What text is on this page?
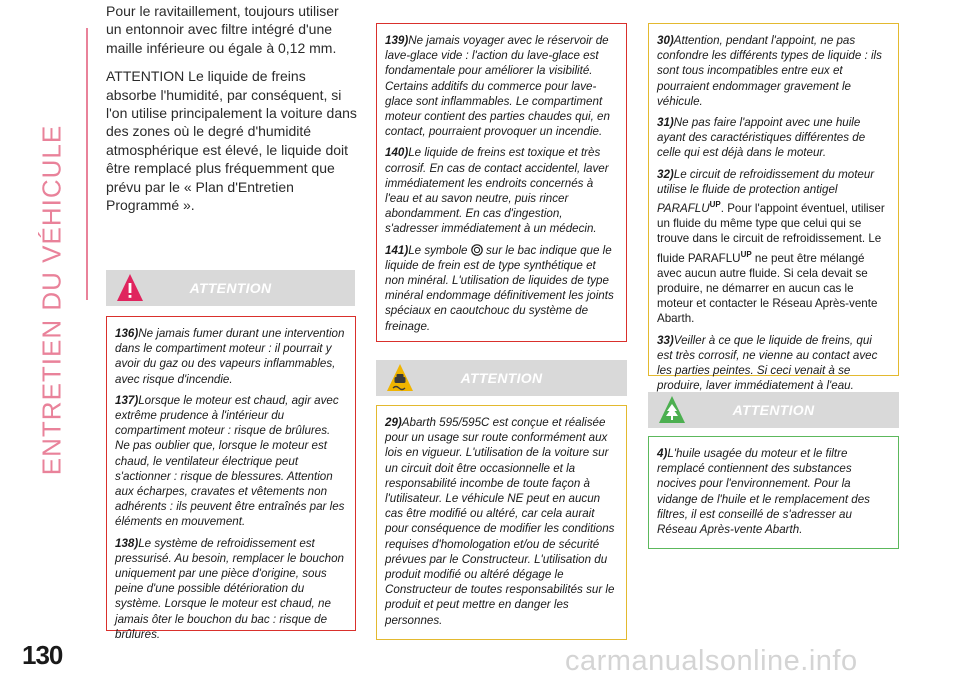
ENTRETIEN DU VÉHICULE
130	carmanualsonline.info

Pour le ravitaillement, toujours utiliser un entonnoir avec filtre intégré d'une maille inférieure ou égale à 0,12 mm.

ATTENTION Le liquide de freins absorbe l'humidité, par conséquent, si l'on utilise principalement la voiture dans des zones où le degré d'humidité atmosphérique est élevé, le liquide doit être remplacé plus fréquemment que prévu par le « Plan d'Entretien Programmé ».

ATTENTION

136)Ne jamais fumer durant une intervention dans le compartiment moteur : il pourrait y avoir du gaz ou des vapeurs inflammables, avec risque d'incendie.

137)Lorsque le moteur est chaud, agir avec extrême prudence à l'intérieur du compartiment moteur : risque de brûlures. Ne pas oublier que, lorsque le moteur est chaud, le ventilateur électrique peut s'actionner : risque de blessures. Attention aux écharpes, cravates et vêtements non adhérents : ils peuvent être entraînés par les éléments en mouvement.

138)Le système de refroidissement est pressurisé. Au besoin, remplacer le bouchon uniquement par une pièce d'origine, sous peine d'une possible détérioration du système. Lorsque le moteur est chaud, ne jamais ôter le bouchon du bac : risque de brûlures.

139)Ne jamais voyager avec le réservoir de lave-glace vide : l'action du lave-glace est fondamentale pour améliorer la visibilité. Certains additifs du commerce pour lave-glace sont inflammables. Le compartiment moteur contient des parties chaudes qui, en contact, pourraient provoquer un incendie.

140)Le liquide de freins est toxique et très corrosif. En cas de contact accidentel, laver immédiatement les endroits concernés à l'eau et au savon neutre, puis rincer abondamment. En cas d'ingestion, s'adresser immédiatement à un médecin.

141)Le symbole sur le bac indique que le liquide de frein est de type synthétique et non minéral. L'utilisation de liquides de type minéral endommage définitivement les joints spéciaux en caoutchouc du système de freinage.

ATTENTION

29)Abarth 595/595C est conçue et réalisée pour un usage sur route conformément aux lois en vigueur. L'utilisation de la voiture sur un circuit doit être occasionnelle et la responsabilité incombe de toute façon à l'utilisateur. Le véhicule NE peut en aucun cas être modifié ou altéré, car cela aurait pour conséquence de modifier les conditions requises d'homologation et/ou de sécurité prévues par le Constructeur. L'utilisation du produit modifié ou altéré dégage le Constructeur de toutes responsabilités sur le produit et peut mettre en danger les personnes.

30)Attention, pendant l'appoint, ne pas confondre les différents types de liquide : ils sont tous incompatibles entre eux et pourraient endommager gravement le véhicule.

31)Ne pas faire l'appoint avec une huile ayant des caractéristiques différentes de celle qui est déjà dans le moteur.

32)Le circuit de refroidissement du moteur utilise le fluide de protection antigel $PARAFLU^{UP}$. Pour l'appoint éventuel, utiliser un fluide du même type que celui qui se trouve dans le circuit de refroidissement. Le fluide $PARAFLU^{UP}$ ne peut être mélangé avec aucun autre fluide. Si cela devait se produire, ne démarrer en aucun cas le moteur et contacter le Réseau Après-vente Abarth.

33)Veiller à ce que le liquide de freins, qui est très corrosif, ne vienne au contact avec les parties peintes. Si ceci venait à se produire, laver immédiatement à l'eau.

ATTENTION

4)L'huile usagée du moteur et le filtre remplacé contiennent des substances nocives pour l'environnement. Pour la vidange de l'huile et le remplacement des filtres, il est conseillé de s'adresser au Réseau Après-vente Abarth.
